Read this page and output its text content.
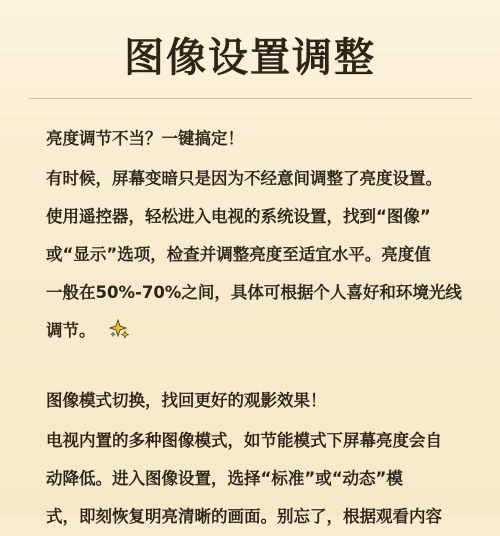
图像设置调整
亮度调节不当？一键搞定！
有时候，屏幕变暗只是因为不经意间调整了亮度设置。
使用遥控器，轻松进入电视的系统设置，找到“图像”
或“显示”选项，检查并调整亮度至适宜水平。亮度值
一般在50%-70%之间，具体可根据个人喜好和环境光线
调节。
图像模式切换，找回更好的观影效果！
电视内置的多种图像模式，如节能模式下屏幕亮度会自
动降低。进入图像设置，选择“标准”或“动态”模
式，即刻恢复明亮清晰的画面。别忘了，根据观看内容
